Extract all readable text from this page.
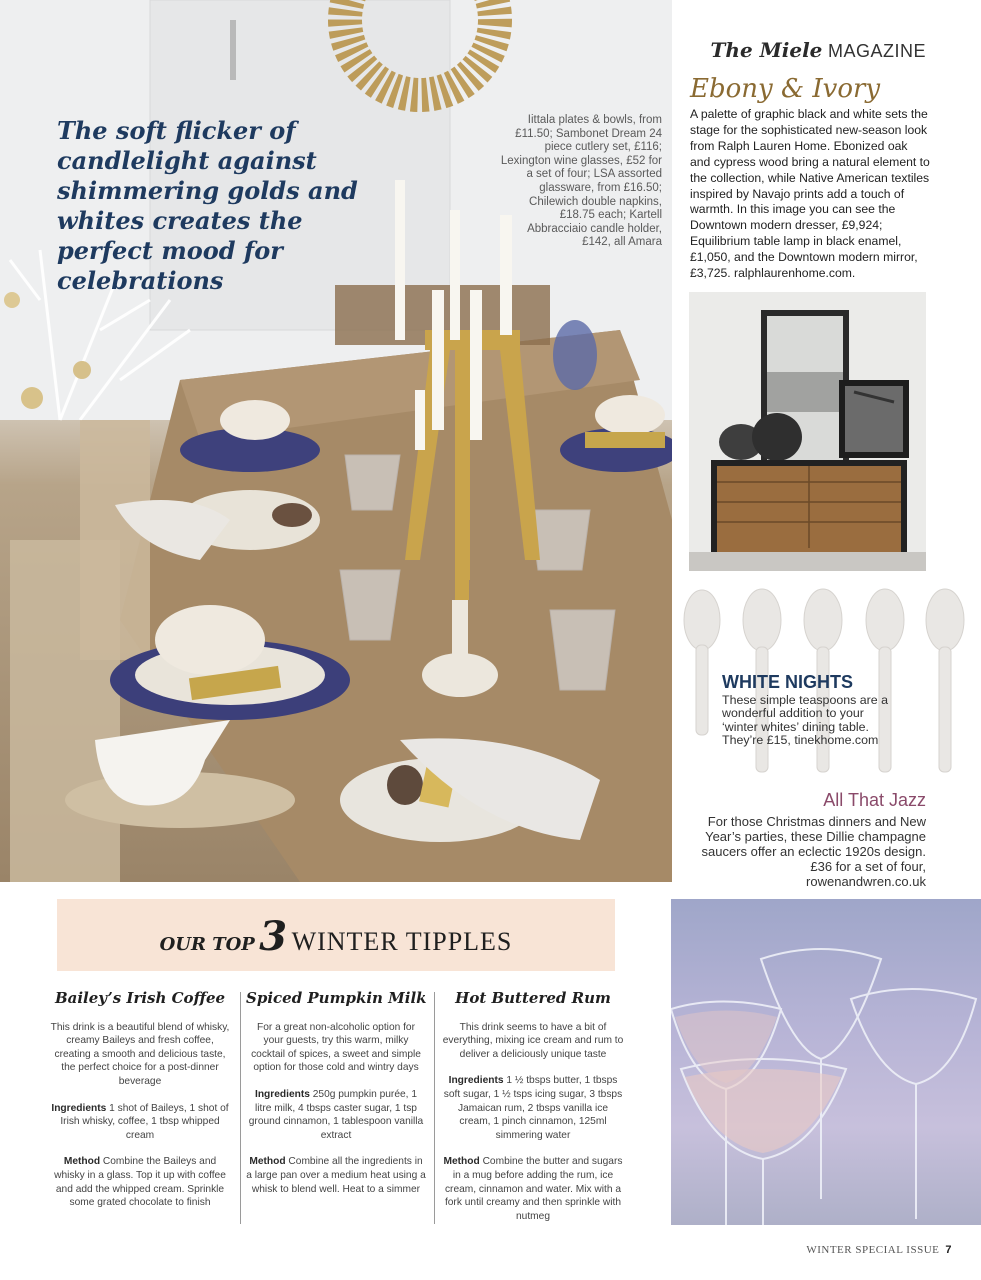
The soft flicker of candlelight against shimmering golds and whites creates the perfect mood for celebrations
Iittala plates & bowls, from £11.50; Sambonet Dream 24 piece cutlery set, £116; Lexington wine glasses, £52 for a set of four; LSA assorted glassware, from £16.50; Chilewich double napkins, £18.75 each; Kartell Abbracciaio candle holder, £142, all Amara
The Miele MAGAZINE
Ebony & Ivory
A palette of graphic black and white sets the stage for the sophisticated new-season look from Ralph Lauren Home. Ebonized oak and cypress wood bring a natural element to the collection, while Native American textiles inspired by Navajo prints add a touch of warmth. In this image you can see the Downtown modern dresser, £9,924; Equilibrium table lamp in black enamel, £1,050, and the Downtown modern mirror, £3,725. ralphlaurenhome.com.
WHITE NIGHTS
These simple teaspoons are a wonderful addition to your ‘winter whites’ dining table. They’re £15, tinekhome.com
All That Jazz
For those Christmas dinners and New Year’s parties, these Dillie champagne saucers offer an eclectic 1920s design. £36 for a set of four, rowenandwren.co.uk
OUR TOP 3 WINTER TIPPLES
Bailey’s Irish Coffee

This drink is a beautiful blend of whisky, creamy Baileys and fresh coffee, creating a smooth and delicious taste, the perfect choice for a post-dinner beverage

Ingredients 1 shot of Baileys, 1 shot of Irish whisky, coffee, 1 tbsp whipped cream

Method Combine the Baileys and whisky in a glass. Top it up with coffee and add the whipped cream. Sprinkle some grated chocolate to finish

Spiced Pumpkin Milk

For a great non-alcoholic option for your guests, try this warm, milky cocktail of spices, a sweet and simple option for those cold and wintry days

Ingredients 250g pumpkin purée, 1 litre milk, 4 tbsps caster sugar, 1 tsp ground cinnamon, 1 tablespoon vanilla extract

Method Combine all the ingredients in a large pan over a medium heat using a whisk to blend well. Heat to a simmer

Hot Buttered Rum

This drink seems to have a bit of everything, mixing ice cream and rum to deliver a deliciously unique taste

Ingredients 1 ½ tbsps butter, 1 tbsps soft sugar, 1 ½ tsps icing sugar, 3 tbsps Jamaican rum, 2 tbsps vanilla ice cream, 1 pinch cinnamon, 125ml simmering water

Method Combine the butter and sugars in a mug before adding the rum, ice cream, cinnamon and water. Mix with a fork until creamy and then sprinkle with nutmeg

WINTER SPECIAL ISSUE 7
